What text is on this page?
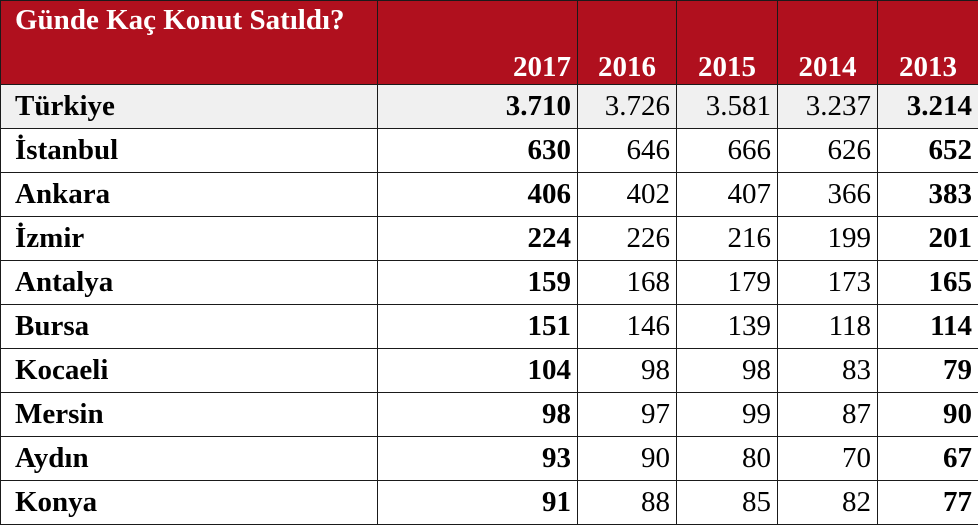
Günde Kaç Konut Satıldı?	2017	2016	2015	2014	2013
Türkiye	3.710	3.726	3.581	3.237	3.214
İstanbul	630	646	666	626	652
Ankara	406	402	407	366	383
İzmir	224	226	216	199	201
Antalya	159	168	179	173	165
Bursa	151	146	139	118	114
Kocaeli	104	98	98	83	79
Mersin	98	97	99	87	90
Aydın	93	90	80	70	67
Konya	91	88	85	82	77
